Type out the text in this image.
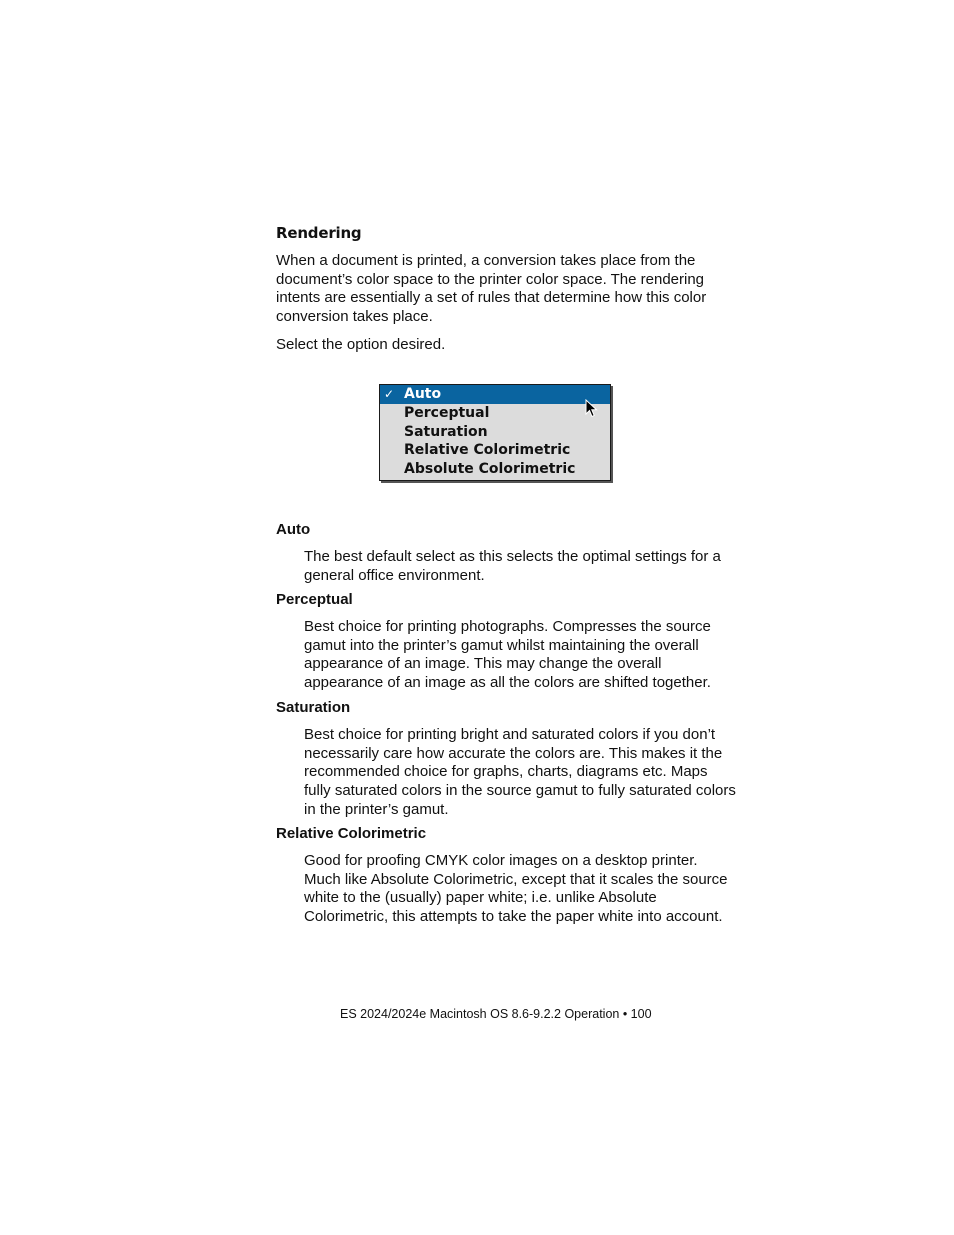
Rendering

When a document is printed, a conversion takes place from the document’s color space to the printer color space. The rendering intents are essentially a set of rules that determine how this color conversion takes place.

Select the option desired.

✓ Auto
Perceptual
Saturation
Relative Colorimetric
Absolute Colorimetric
Auto

The best default select as this selects the optimal settings for a general office environment.

Perceptual

Best choice for printing photographs. Compresses the source gamut into the printer’s gamut whilst maintaining the overall appearance of an image. This may change the overall appearance of an image as all the colors are shifted together.

Saturation

Best choice for printing bright and saturated colors if you don’t necessarily care how accurate the colors are. This makes it the recommended choice for graphs, charts, diagrams etc. Maps fully saturated colors in the source gamut to fully saturated colors in the printer’s gamut.

Relative Colorimetric

Good for proofing CMYK color images on a desktop printer. Much like Absolute Colorimetric, except that it scales the source white to the (usually) paper white; i.e. unlike Absolute Colorimetric, this attempts to take the paper white into account.

ES 2024/2024e Macintosh OS 8.6-9.2.2 Operation • 100
